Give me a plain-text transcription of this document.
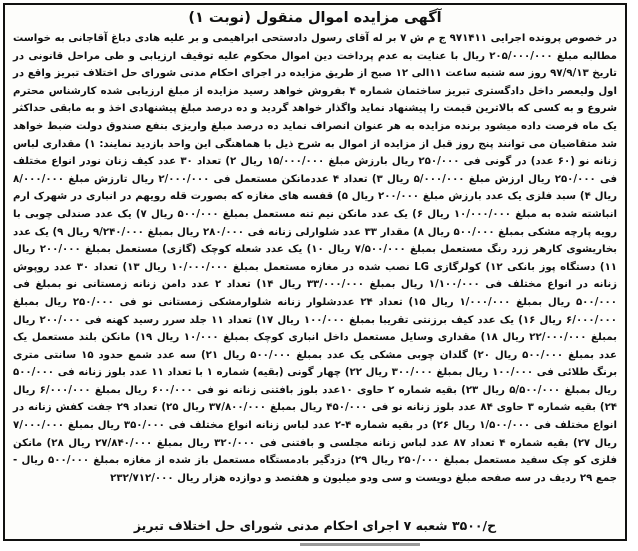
آگهی مزایده اموال منقول (نوبت ۱)
در خصوص پرونده اجرایی ۹۷۱۴۱۱ ج م ش ۷ بر له آقای رسول دادستحی ابراهیمی و بر علیه هادی دباغ آقاجانی به خواست مطالبه مبلغ ۲۰۵/۰۰۰/۰۰۰ ریال با عنایت به عدم پرداخت دین اموال محکوم علیه توقیف ارزیابی و طی مراحل قانونی در تاریخ ۹۷/۹/۱۳ روز سه شنبه ساعت ۱۱الی ۱۲ صبح از طریق مزایده در اجرای احکام مدنی شورای حل اختلاف تبریز واقع در اول ولیعصر داخل دادگستری تبریز ساختمان شماره ۴ بفروش خواهد رسید مزایده از مبلغ ارزیابی شده کارشناس محترم شروع و به کسی که بالاترین قیمت را پیشنهاد نماید واگذار خواهد گردید و ده درصد مبلغ پیشنهادی اخذ و به مابقی حداکثر یک ماه فرصت داده میشود برنده مزایده به هر عنوان انصراف نماید ده درصد مبلغ واریزی بنفع صندوق دولت ضبط خواهد شد متقاضیان می توانند پنج روز قبل از مزایده از اموال به شرح ذیل با هماهنگی این واحد بازدید نمایند: ۱) مقداری لباس زنانه نو (۶۰ عدد) در گونی فی ۲۵۰/۰۰۰ ریال بارزش مبلغ ۱۵/۰۰۰/۰۰۰ ریال ۲) تعداد ۳۰ عدد کیف زنان نودر انواع مختلف فی ۲۵۰/۰۰۰ ریال ارزش مبلغ ۵/۰۰۰/۰۰۰ ریال ۳) تعداد ۴ عددمانکن مستعمل فی ۲/۰۰۰/۰۰۰ ریال تارزش مبلغ ۸/۰۰۰/۰۰۰ ریال ۴) سبد فلزی یک عدد بارزش مبلغ ۲۰۰/۰۰۰ ریال ۵) قفسه های مغازه که بصورت قله رویهم در انباری در شهرک ارم انباشته شده به مبلغ ۱۰/۰۰۰/۰۰۰ ریال ۶) یک عدد مانکن نیم تنه مستعمل بمبلغ ۵۰۰/۰۰۰ ریال ۷) یک عدد صندلی چوبی با رویه پارچه مشکی بمبلغ ۵۰۰/۰۰۰ ریال ۸) مقدار ۳۳ عدد شلوارلی زنانه فی ۲۸۰/۰۰۰ ریال بمبلغ ۹/۲۴۰/۰۰۰ ریال ۹) یک عدد بخاریشوی کارهر زرد رنگ مستعمل بمبلغ ۷/۵۰۰/۰۰۰ ریال ۱۰) یک عدد شعله کوچک (گازی) مستعمل بمبلغ ۲۰۰/۰۰۰ ریال ۱۱) دستگاه پوز بانکی ۱۲) کولرگازی LG نصب شده در مغازه مستعمل بمبلغ ۱۰/۰۰۰/۰۰۰ ریال ۱۳) تعداد ۳۰ عدد روپوش زنانه در انواع مختلف فی ۱/۱۰۰/۰۰۰ ریال بمبلغ ۳۳/۰۰۰/۰۰۰ ریال ۱۴) تعداد ۲ عدد دامن زنانه زمستانی نو بمبلغ فی ۵۰۰/۰۰۰ ریال بمبلغ ۱/۰۰۰/۰۰۰ ریال ۱۵) تعداد ۲۴ عددشلوار زنانه شلوارمشکی زمستانی نو فی ۲۵۰/۰۰۰ ریال بمبلغ ۶/۰۰۰/۰۰۰ ریال ۱۶) یک عدد کیف برزنتی تقریبا بمبلغ ۱۰۰/۰۰۰ ریال ۱۷) تعداد ۱۱ جلد سرر رسید کهنه فی ۲۰۰/۰۰۰ ریال بمبلغ ۲۲/۰۰۰/۰۰۰ ریال ۱۸) مقداری وسایل مستعمل داخل انباری کوچک بمبلغ ۱۰/۰۰۰ ریال ۱۹) مانکن بلند مستعمل یک عدد بمبلغ ۵۰۰/۰۰۰ ریال ۲۰) گلدان چوبی مشکی یک عدد بمبلغ ۵۰۰/۰۰۰ ریال ۲۱) سه عدد شمع حدود ۱۵ سانتی متری برنگ طلائی فی ۱۰۰/۰۰۰ ریال بمبلغ ۳۰۰/۰۰۰ ریال ۲۲) چهار گونی (بقیه) شماره ۱ با تعداد ۱۱ عدد بلوز زنانه فی ۵۰۰/۰۰۰ ریال بمبلغ ۵/۵۰۰/۰۰۰ ریال ۲۳) بقیه شماره ۲ حاوی ۱۰عدد بلوز بافتنی زنانه نو فی ۶۰۰/۰۰۰ ریال بمبلغ ۶/۰۰۰/۰۰۰ ریال ۲۴) بقیه شماره ۳ حاوی ۸۴ عدد بلوز زنانه نو فی ۴۵۰/۰۰۰ ریال بمبلغ ۳۷/۸۰۰/۰۰۰ ریال ۲۵) تعداد ۲۹ جفت کفش زنانه در انواع مختلف فی ۱/۵۰۰/۰۰۰ ریال ۲۶) در بقیه شماره ۴-۲ عدد لباس زنانه انواع مختلف فی ۳۵۰/۰۰۰ ریال بمبلغ ۷/۰۰۰/۰۰۰ ریال ۲۷) بقیه شماره ۴ تعداد ۸۷ عدد لباس زنانه مجلسی و بافتنی فی ۳۲۰/۰۰۰ ریال بمبلغ ۲۷/۸۴۰/۰۰۰ ریال ۲۸) مانکن فلزی کو چک سفید مستعمل بمبلغ ۲۵۰/۰۰۰ ریال ۲۹) دزدگیر بادمستگاه مستعمل باز شده از مغازه بمبلغ ۵۰۰/۰۰۰ ریال - جمع ۲۹ ردیف در سه صفحه مبلغ دویست و سی ودو میلیون و هفتصد و دوازده هزار ریال ۲۳۲/۷۱۲/۰۰۰
ح/۳۵۰۰ شعبه ۷ اجرای احکام مدنی شورای حل اختلاف تبریز
